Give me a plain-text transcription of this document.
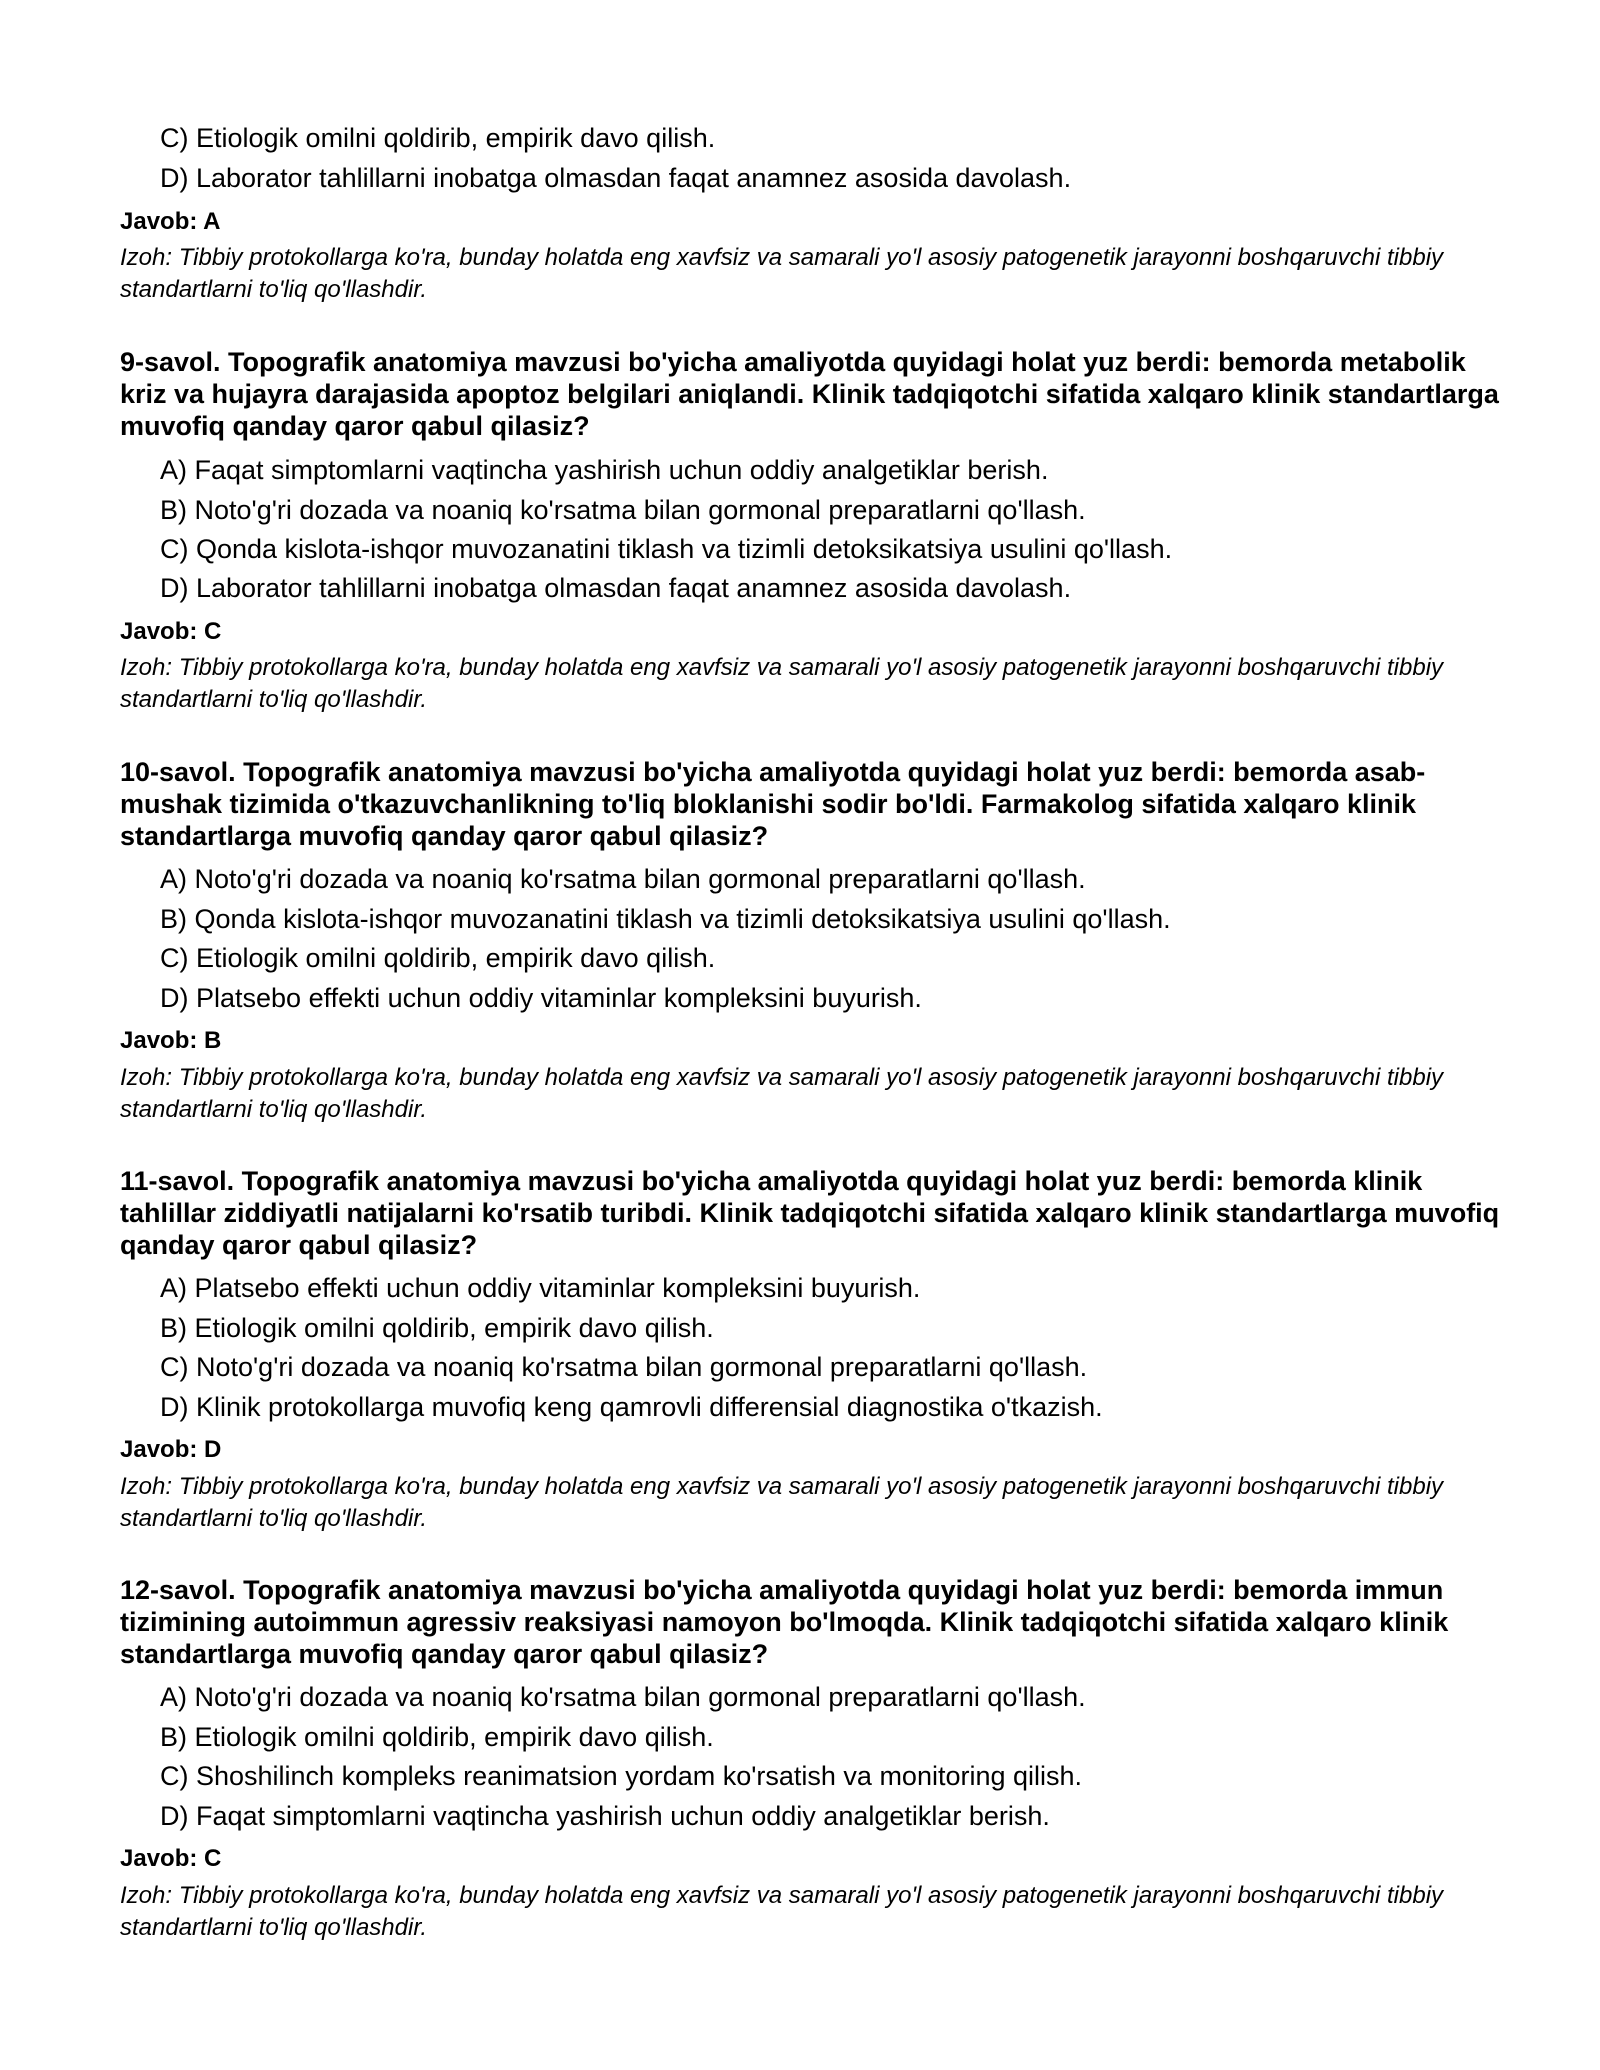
C) Etiologik omilni qoldirib, empirik davo qilish.
D) Laborator tahlillarni inobatga olmasdan faqat anamnez asosida davolash.
Javob: A
Izoh: Tibbiy protokollarga ko'ra, bunday holatda eng xavfsiz va samarali yo'l asosiy patogenetik jarayonni boshqaruvchi tibbiy standartlarni to'liq qo'llashdir.
9-savol. Topografik anatomiya mavzusi bo'yicha amaliyotda quyidagi holat yuz berdi: bemorda metabolik kriz va hujayra darajasida apoptoz belgilari aniqlandi. Klinik tadqiqotchi sifatida xalqaro klinik standartlarga muvofiq qanday qaror qabul qilasiz?
A) Faqat simptomlarni vaqtincha yashirish uchun oddiy analgetiklar berish.
B) Noto'g'ri dozada va noaniq ko'rsatma bilan gormonal preparatlarni qo'llash.
C) Qonda kislota-ishqor muvozanatini tiklash va tizimli detoksikatsiya usulini qo'llash.
D) Laborator tahlillarni inobatga olmasdan faqat anamnez asosida davolash.
Javob: C
Izoh: Tibbiy protokollarga ko'ra, bunday holatda eng xavfsiz va samarali yo'l asosiy patogenetik jarayonni boshqaruvchi tibbiy standartlarni to'liq qo'llashdir.
10-savol. Topografik anatomiya mavzusi bo'yicha amaliyotda quyidagi holat yuz berdi: bemorda asab-mushak tizimida o'tkazuvchanlikning to'liq bloklanishi sodir bo'ldi. Farmakolog sifatida xalqaro klinik standartlarga muvofiq qanday qaror qabul qilasiz?
A) Noto'g'ri dozada va noaniq ko'rsatma bilan gormonal preparatlarni qo'llash.
B) Qonda kislota-ishqor muvozanatini tiklash va tizimli detoksikatsiya usulini qo'llash.
C) Etiologik omilni qoldirib, empirik davo qilish.
D) Platsebo effekti uchun oddiy vitaminlar kompleksini buyurish.
Javob: B
Izoh: Tibbiy protokollarga ko'ra, bunday holatda eng xavfsiz va samarali yo'l asosiy patogenetik jarayonni boshqaruvchi tibbiy standartlarni to'liq qo'llashdir.
11-savol. Topografik anatomiya mavzusi bo'yicha amaliyotda quyidagi holat yuz berdi: bemorda klinik tahlillar ziddiyatli natijalarni ko'rsatib turibdi. Klinik tadqiqotchi sifatida xalqaro klinik standartlarga muvofiq qanday qaror qabul qilasiz?
A) Platsebo effekti uchun oddiy vitaminlar kompleksini buyurish.
B) Etiologik omilni qoldirib, empirik davo qilish.
C) Noto'g'ri dozada va noaniq ko'rsatma bilan gormonal preparatlarni qo'llash.
D) Klinik protokollarga muvofiq keng qamrovli differensial diagnostika o'tkazish.
Javob: D
Izoh: Tibbiy protokollarga ko'ra, bunday holatda eng xavfsiz va samarali yo'l asosiy patogenetik jarayonni boshqaruvchi tibbiy standartlarni to'liq qo'llashdir.
12-savol. Topografik anatomiya mavzusi bo'yicha amaliyotda quyidagi holat yuz berdi: bemorda immun tizimining autoimmun agressiv reaksiyasi namoyon bo'lmoqda. Klinik tadqiqotchi sifatida xalqaro klinik standartlarga muvofiq qanday qaror qabul qilasiz?
A) Noto'g'ri dozada va noaniq ko'rsatma bilan gormonal preparatlarni qo'llash.
B) Etiologik omilni qoldirib, empirik davo qilish.
C) Shoshilinch kompleks reanimatsion yordam ko'rsatish va monitoring qilish.
D) Faqat simptomlarni vaqtincha yashirish uchun oddiy analgetiklar berish.
Javob: C
Izoh: Tibbiy protokollarga ko'ra, bunday holatda eng xavfsiz va samarali yo'l asosiy patogenetik jarayonni boshqaruvchi tibbiy standartlarni to'liq qo'llashdir.
